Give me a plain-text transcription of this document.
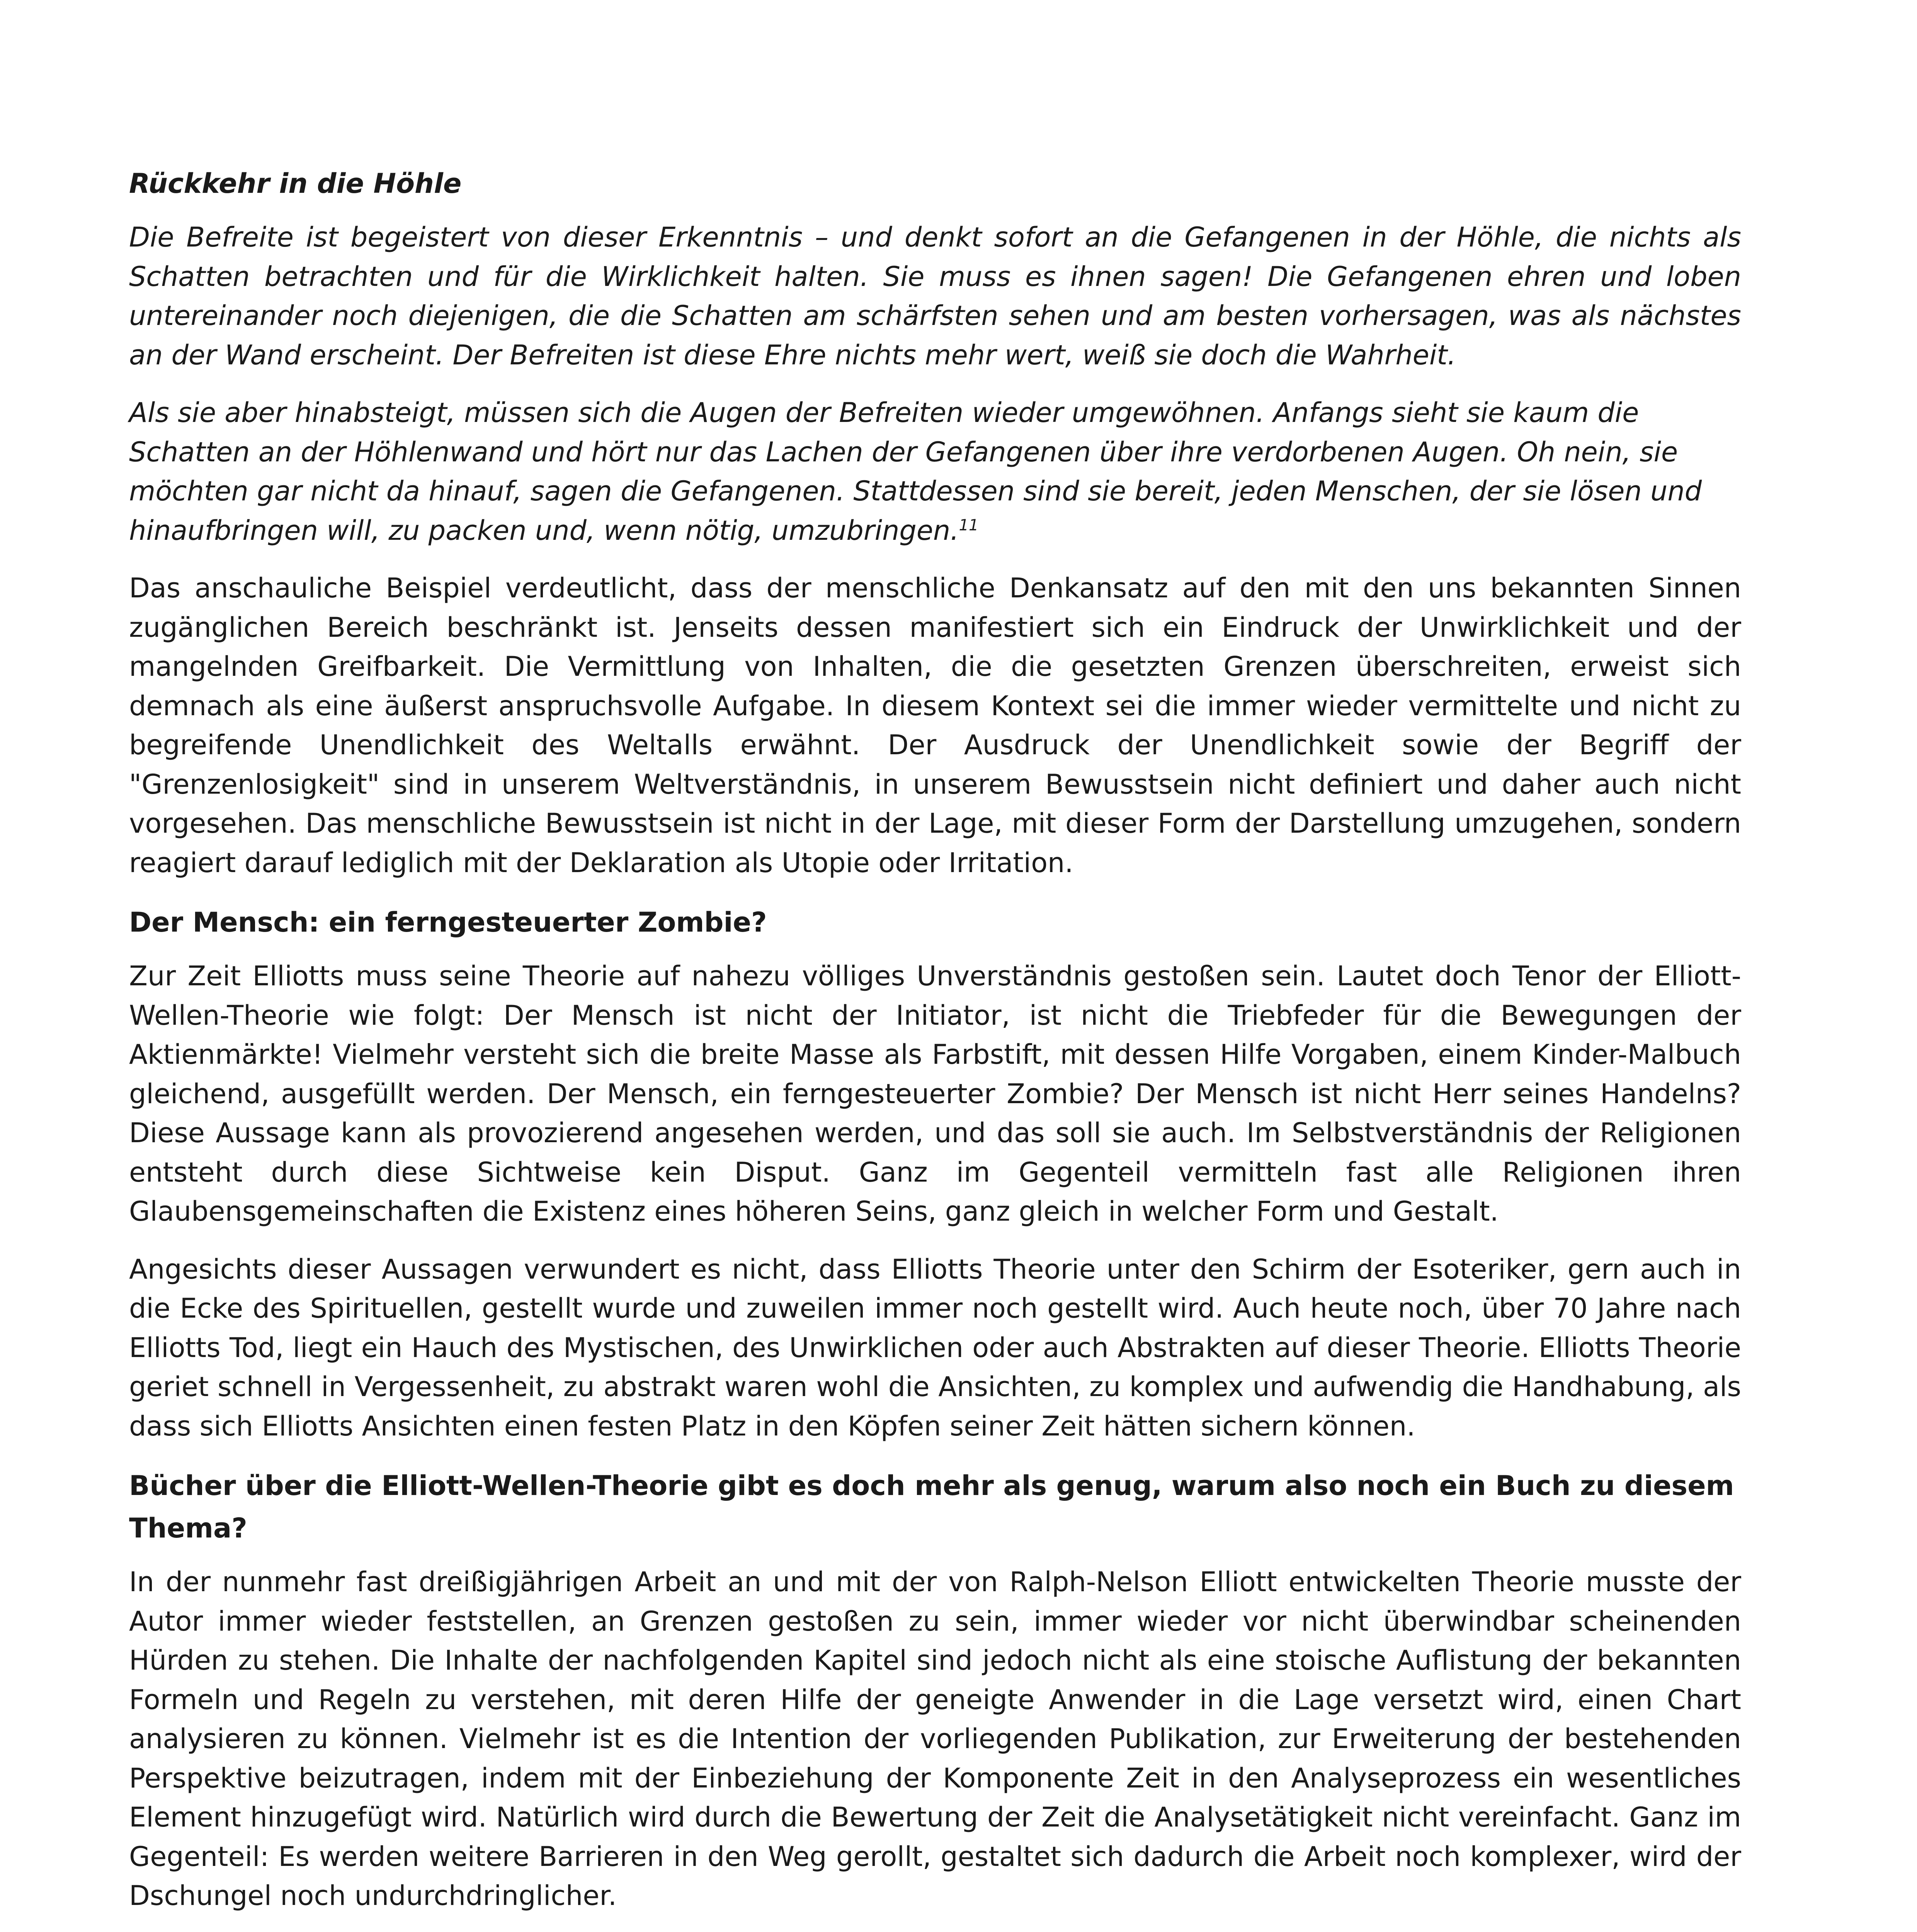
Rückkehr in die Höhle

Die Befreite ist begeistert von dieser Erkenntnis – und denkt sofort an die Gefangenen in der Höhle, die nichts als Schatten betrachten und für die Wirklichkeit halten. Sie muss es ihnen sagen! Die Gefangenen ehren und loben untereinander noch diejenigen, die die Schatten am schärfsten sehen und am besten vorhersagen, was als nächstes an der Wand erscheint. Der Befreiten ist diese Ehre nichts mehr wert, weiß sie doch die Wahrheit.

Als sie aber hinabsteigt, müssen sich die Augen der Befreiten wieder umgewöhnen. Anfangs sieht sie kaum die Schatten an der Höhlenwand und hört nur das Lachen der Gefangenen über ihre verdorbenen Augen. Oh nein, sie möchten gar nicht da hinauf, sagen die Gefangenen. Stattdessen sind sie bereit, jeden Menschen, der sie lösen und hinaufbringen will, zu packen und, wenn nötig, umzubringen.$^{11}$

Das anschauliche Beispiel verdeutlicht, dass der menschliche Denkansatz auf den mit den uns bekannten Sinnen zugänglichen Bereich beschränkt ist. Jenseits dessen manifestiert sich ein Eindruck der Unwirklichkeit und der mangelnden Greifbarkeit. Die Vermittlung von Inhalten, die die gesetzten Grenzen überschreiten, erweist sich demnach als eine äußerst anspruchsvolle Aufgabe. In diesem Kontext sei die immer wieder vermittelte und nicht zu begreifende Unendlichkeit des Weltalls erwähnt. Der Ausdruck der Unendlichkeit sowie der Begriff der "Grenzenlosigkeit" sind in unserem Weltverständnis, in unserem Bewusstsein nicht definiert und daher auch nicht vorgesehen. Das menschliche Bewusstsein ist nicht in der Lage, mit dieser Form der Darstellung umzugehen, sondern reagiert darauf lediglich mit der Deklaration als Utopie oder Irritation.

Der Mensch: ein ferngesteuerter Zombie?

Zur Zeit Elliotts muss seine Theorie auf nahezu völliges Unverständnis gestoßen sein. Lautet doch Tenor der Elliott-Wellen-Theorie wie folgt: Der Mensch ist nicht der Initiator, ist nicht die Triebfeder für die Bewegungen der Aktienmärkte! Vielmehr versteht sich die breite Masse als Farbstift, mit dessen Hilfe Vorgaben, einem Kinder-Malbuch gleichend, ausgefüllt werden. Der Mensch, ein ferngesteuerter Zombie? Der Mensch ist nicht Herr seines Handelns? Diese Aussage kann als provozierend angesehen werden, und das soll sie auch. Im Selbstverständnis der Religionen entsteht durch diese Sichtweise kein Disput. Ganz im Gegenteil vermitteln fast alle Religionen ihren Glaubensgemeinschaften die Existenz eines höheren Seins, ganz gleich in welcher Form und Gestalt.

Angesichts dieser Aussagen verwundert es nicht, dass Elliotts Theorie unter den Schirm der Esoteriker, gern auch in die Ecke des Spirituellen, gestellt wurde und zuweilen immer noch gestellt wird. Auch heute noch, über 70 Jahre nach Elliotts Tod, liegt ein Hauch des Mystischen, des Unwirklichen oder auch Abstrakten auf dieser Theorie. Elliotts Theorie geriet schnell in Vergessenheit, zu abstrakt waren wohl die Ansichten, zu komplex und aufwendig die Handhabung, als dass sich Elliotts Ansichten einen festen Platz in den Köpfen seiner Zeit hätten sichern können.

Bücher über die Elliott-Wellen-Theorie gibt es doch mehr als genug, warum also noch ein Buch zu diesem Thema?

In der nunmehr fast dreißigjährigen Arbeit an und mit der von Ralph-Nelson Elliott entwickelten Theorie musste der Autor immer wieder feststellen, an Grenzen gestoßen zu sein, immer wieder vor nicht überwindbar scheinenden Hürden zu stehen. Die Inhalte der nachfolgenden Kapitel sind jedoch nicht als eine stoische Auflistung der bekannten Formeln und Regeln zu verstehen, mit deren Hilfe der geneigte Anwender in die Lage versetzt wird, einen Chart analysieren zu können. Vielmehr ist es die Intention der vorliegenden Publikation, zur Erweiterung der bestehenden Perspektive beizutragen, indem mit der Einbeziehung der Komponente Zeit in den Analyseprozess ein wesentliches Element hinzugefügt wird. Natürlich wird durch die Bewertung der Zeit die Analysetätigkeit nicht vereinfacht. Ganz im Gegenteil: Es werden weitere Barrieren in den Weg gerollt, gestaltet sich dadurch die Arbeit noch komplexer, wird der Dschungel noch undurchdringlicher.
